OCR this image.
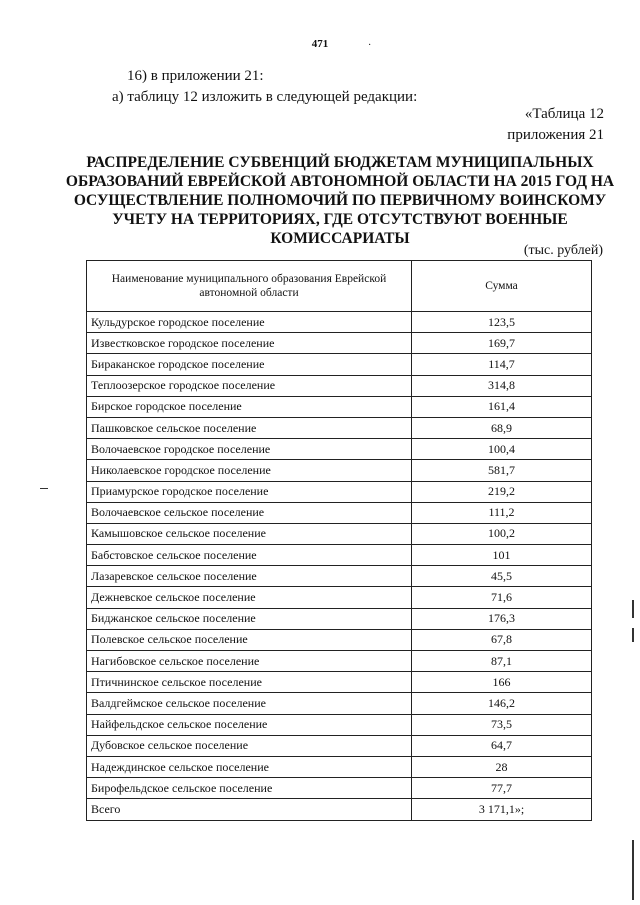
471	·
16) в приложении 21:
а) таблицу 12 изложить в следующей редакции:
«Таблица 12
приложения 21
РАСПРЕДЕЛЕНИЕ СУБВЕНЦИЙ БЮДЖЕТАМ МУНИЦИПАЛЬНЫХ ОБРАЗОВАНИЙ ЕВРЕЙСКОЙ АВТОНОМНОЙ ОБЛАСТИ НА 2015 ГОД НА ОСУЩЕСТВЛЕНИЕ ПОЛНОМОЧИЙ ПО ПЕРВИЧНОМУ ВОИНСКОМУ УЧЕТУ НА ТЕРРИТОРИЯХ, ГДЕ ОТСУТСТВУЮТ ВОЕННЫЕ КОМИССАРИАТЫ
(тыс. рублей)
Наименование муниципального образования Еврейской автономной области	Сумма
Кульдурское городское поселение	123,5
Известковское городское поселение	169,7
Бираканское городское поселение	114,7
Теплоозерское городское поселение	314,8
Бирское городское поселение	161,4
Пашковское сельское поселение	68,9
Волочаевское городское поселение	100,4
Николаевское городское поселение	581,7
Приамурское городское поселение	219,2
Волочаевское сельское поселение	111,2
Камышовское сельское поселение	100,2
Бабстовское сельское поселение	101
Лазаревское сельское поселение	45,5
Дежневское сельское поселение	71,6
Биджанское сельское поселение	176,3
Полевское сельское поселение	67,8
Нагибовское сельское поселение	87,1
Птичнинское сельское поселение	166
Валдгеймское сельское поселение	146,2
Найфельдское сельское поселение	73,5
Дубовское сельское поселение	64,7
Надеждинское сельское поселение	28
Бирофельдское сельское поселение	77,7
Всего	3 171,1»;
